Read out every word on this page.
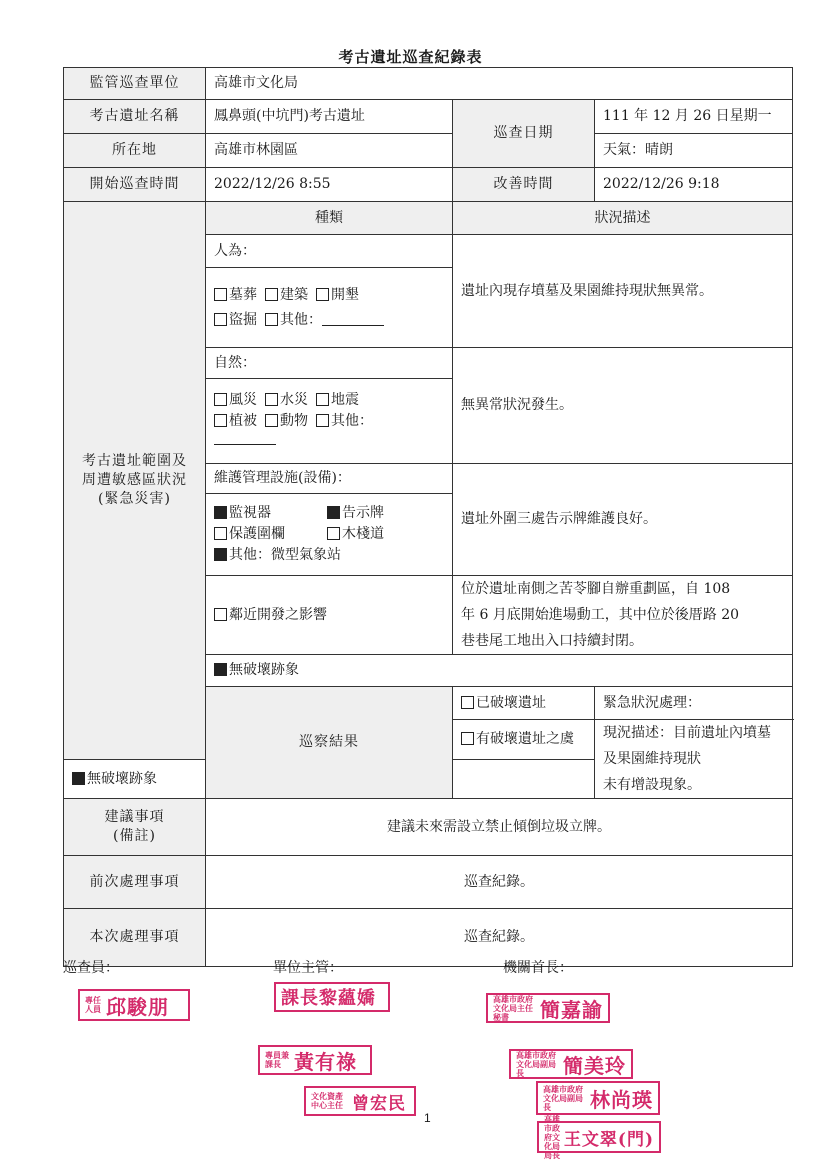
考古遺址巡查紀錄表
監管巡查單位	高雄市文化局		
考古遺址名稱	鳳鼻頭(中坑門)考古遺址	巡查日期	111 年 12 月 26 日星期一
所在地	高雄市林園區		天氣：晴朗
開始巡查時間	2022/12/26 8:55	改善時間	2022/12/26 9:18

考古遺址範圍及
周遭敏感區狀況
(緊急災害)	種類	狀況描述	
	人為：	遺址內現存墳墓及果園維持現狀無異常。	

	墓葬 建築 開墾
盜掘 其他：		

	自然：	無異常狀況發生。	

	風災 水災 地震
植被 動物 其他：		

	維護管理設施(設備)：	遺址外圍三處告示牌維護良好。	

	監視器 告示牌
保護圍欄 木棧道
其他：微型氣象站		

	鄰近開發之影響	位於遺址南側之苦苓腳自辦重劃區，自 108
年 6 月底開始進場動工，其中位於後厝路 20
巷巷尾工地出入口持續封閉。	

	無破壞跡象		
	巡察結果	已破壞遺址	緊急狀況處理：
		有破壞遺址之虞	現況描述：目前遺址內墳墓及果園維持現狀
未有增設現象。

無破壞跡象			

建議事項
(備註)	建議未來需設立禁止傾倒垃圾立牌。		
前次處理事項	巡查紀錄。		
本次處理事項	巡查紀錄。		
巡查員：	單位主管：	機關首長：
專任人員 邱駿朋	課長黎蘊嬌	高雄市政府文化局主任秘書	簡嘉諭
專員兼課長 黃有祿	高雄市政府文化局副局長	簡美玲
文化資產中心主任 曾宏民
高雄市政府文化局副局長	林尚瑛
高雄市政府文化局局長
王文翠(門)
1
